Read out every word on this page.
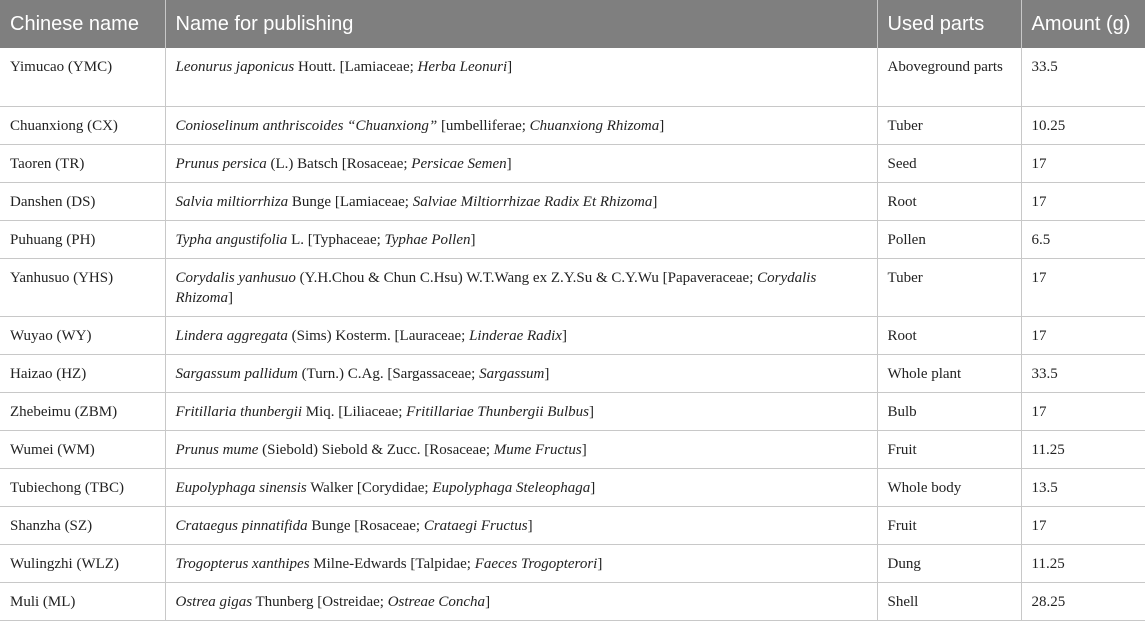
Chinese name	Name for publishing	Used parts	Amount (g)
Yimucao (YMC)	Leonurus japonicus Houtt. [Lamiaceae; Herba Leonuri]	Aboveground parts	33.5
Chuanxiong (CX)	Conioselinum anthriscoides “Chuanxiong” [umbelliferae; Chuanxiong Rhizoma]	Tuber	10.25
Taoren (TR)	Prunus persica (L.) Batsch [Rosaceae; Persicae Semen]	Seed	17
Danshen (DS)	Salvia miltiorrhiza Bunge [Lamiaceae; Salviae Miltiorrhizae Radix Et Rhizoma]	Root	17
Puhuang (PH)	Typha angustifolia L. [Typhaceae; Typhae Pollen]	Pollen	6.5
Yanhusuo (YHS)	Corydalis yanhusuo (Y.H.Chou & Chun C.Hsu) W.T.Wang ex Z.Y.Su & C.Y.Wu [Papaveraceae; Corydalis Rhizoma]	Tuber	17
Wuyao (WY)	Lindera aggregata (Sims) Kosterm. [Lauraceae; Linderae Radix]	Root	17
Haizao (HZ)	Sargassum pallidum (Turn.) C.Ag. [Sargassaceae; Sargassum]	Whole plant	33.5
Zhebeimu (ZBM)	Fritillaria thunbergii Miq. [Liliaceae; Fritillariae Thunbergii Bulbus]	Bulb	17
Wumei (WM)	Prunus mume (Siebold) Siebold & Zucc. [Rosaceae; Mume Fructus]	Fruit	11.25
Tubiechong (TBC)	Eupolyphaga sinensis Walker [Corydidae; Eupolyphaga Steleophaga]	Whole body	13.5
Shanzha (SZ)	Crataegus pinnatifida Bunge [Rosaceae; Crataegi Fructus]	Fruit	17
Wulingzhi (WLZ)	Trogopterus xanthipes Milne-Edwards [Talpidae; Faeces Trogopterori]	Dung	11.25
Muli (ML)	Ostrea gigas Thunberg [Ostreidae; Ostreae Concha]	Shell	28.25
